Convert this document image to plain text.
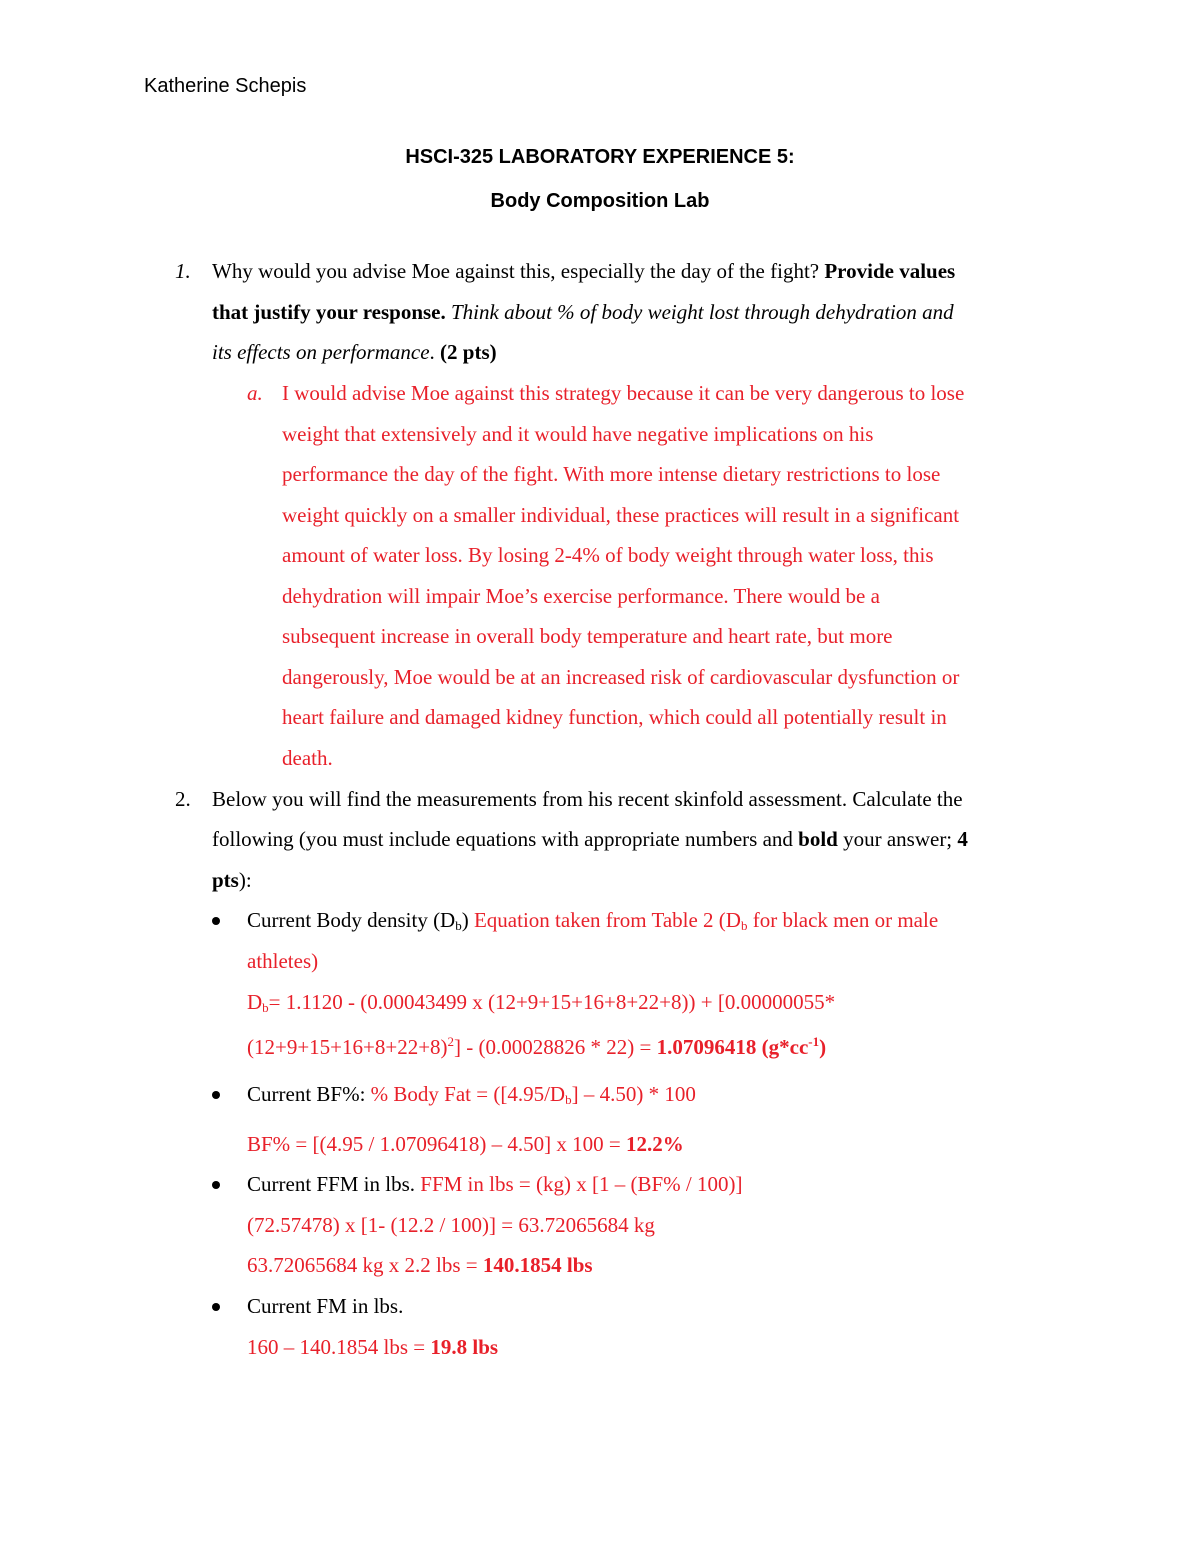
Katherine Schepis
HSCI-325 LABORATORY EXPERIENCE 5:
Body Composition Lab
1. Why would you advise Moe against this, especially the day of the fight? Provide values
that justify your response. Think about % of body weight lost through dehydration and
its effects on performance. (2 pts)
a. I would advise Moe against this strategy because it can be very dangerous to lose
weight that extensively and it would have negative implications on his
performance the day of the fight. With more intense dietary restrictions to lose
weight quickly on a smaller individual, these practices will result in a significant
amount of water loss. By losing 2-4% of body weight through water loss, this
dehydration will impair Moe’s exercise performance. There would be a
subsequent increase in overall body temperature and heart rate, but more
dangerously, Moe would be at an increased risk of cardiovascular dysfunction or
heart failure and damaged kidney function, which could all potentially result in
death.
2. Below you will find the measurements from his recent skinfold assessment. Calculate the
following (you must include equations with appropriate numbers and bold your answer; 4
pts):
Current Body density $(D_b)$ Equation taken from Table 2 ($D_b$ for black men or male
athletes)
$D_b= 1.1120 - (0.00043499$ x (12+9+15+16+8+22+8)) + [0.00000055*
$(12+9+15+16+8+22+8)^2] - (0.00028826 * 22) = 1.07096418$ $(g*cc^{-1})$
Current BF%: % Body Fat = $([4.95/D_b] - 4.50) * 100$
BF% = [(4.95 / 1.07096418) – 4.50] x 100 = 12.2%
Current FFM in lbs. FFM in lbs = (kg) x [1 – (BF% / 100)]
(72.57478) x [1- (12.2 / 100)] = 63.72065684 kg
63.72065684 kg x 2.2 lbs = 140.1854 lbs
Current FM in lbs.
160 – 140.1854 lbs = 19.8 lbs
